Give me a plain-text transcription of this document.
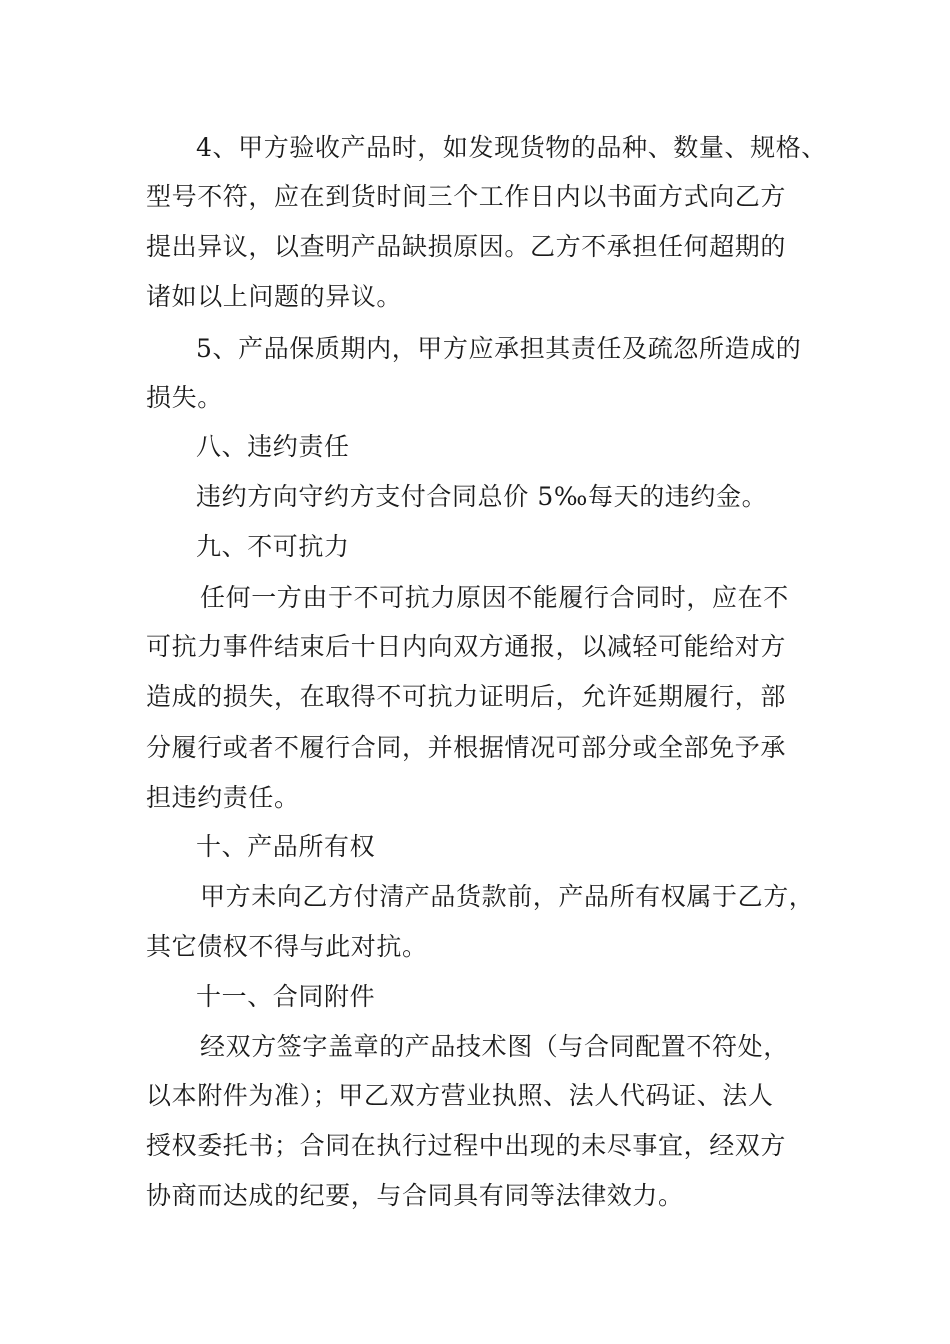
4、甲方验收产品时，如发现货物的品种、数量、规格、
型号不符，应在到货时间三个工作日内以书面方式向乙方
提出异议，以查明产品缺损原因。乙方不承担任何超期的
诸如以上问题的异议。
5、产品保质期内，甲方应承担其责任及疏忽所造成的
损失。
八、违约责任
违约方向守约方支付合同总价 5‰每天的违约金。
九、不可抗力
任何一方由于不可抗力原因不能履行合同时，应在不
可抗力事件结束后十日内向双方通报，以减轻可能给对方
造成的损失，在取得不可抗力证明后，允许延期履行，部
分履行或者不履行合同，并根据情况可部分或全部免予承
担违约责任。
十、产品所有权
甲方未向乙方付清产品货款前，产品所有权属于乙方，
其它债权不得与此对抗。
十一、合同附件
经双方签字盖章的产品技术图（与合同配置不符处，
以本附件为准）；甲乙双方营业执照、法人代码证、法人
授权委托书；合同在执行过程中出现的未尽事宜，经双方
协商而达成的纪要，与合同具有同等法律效力。
